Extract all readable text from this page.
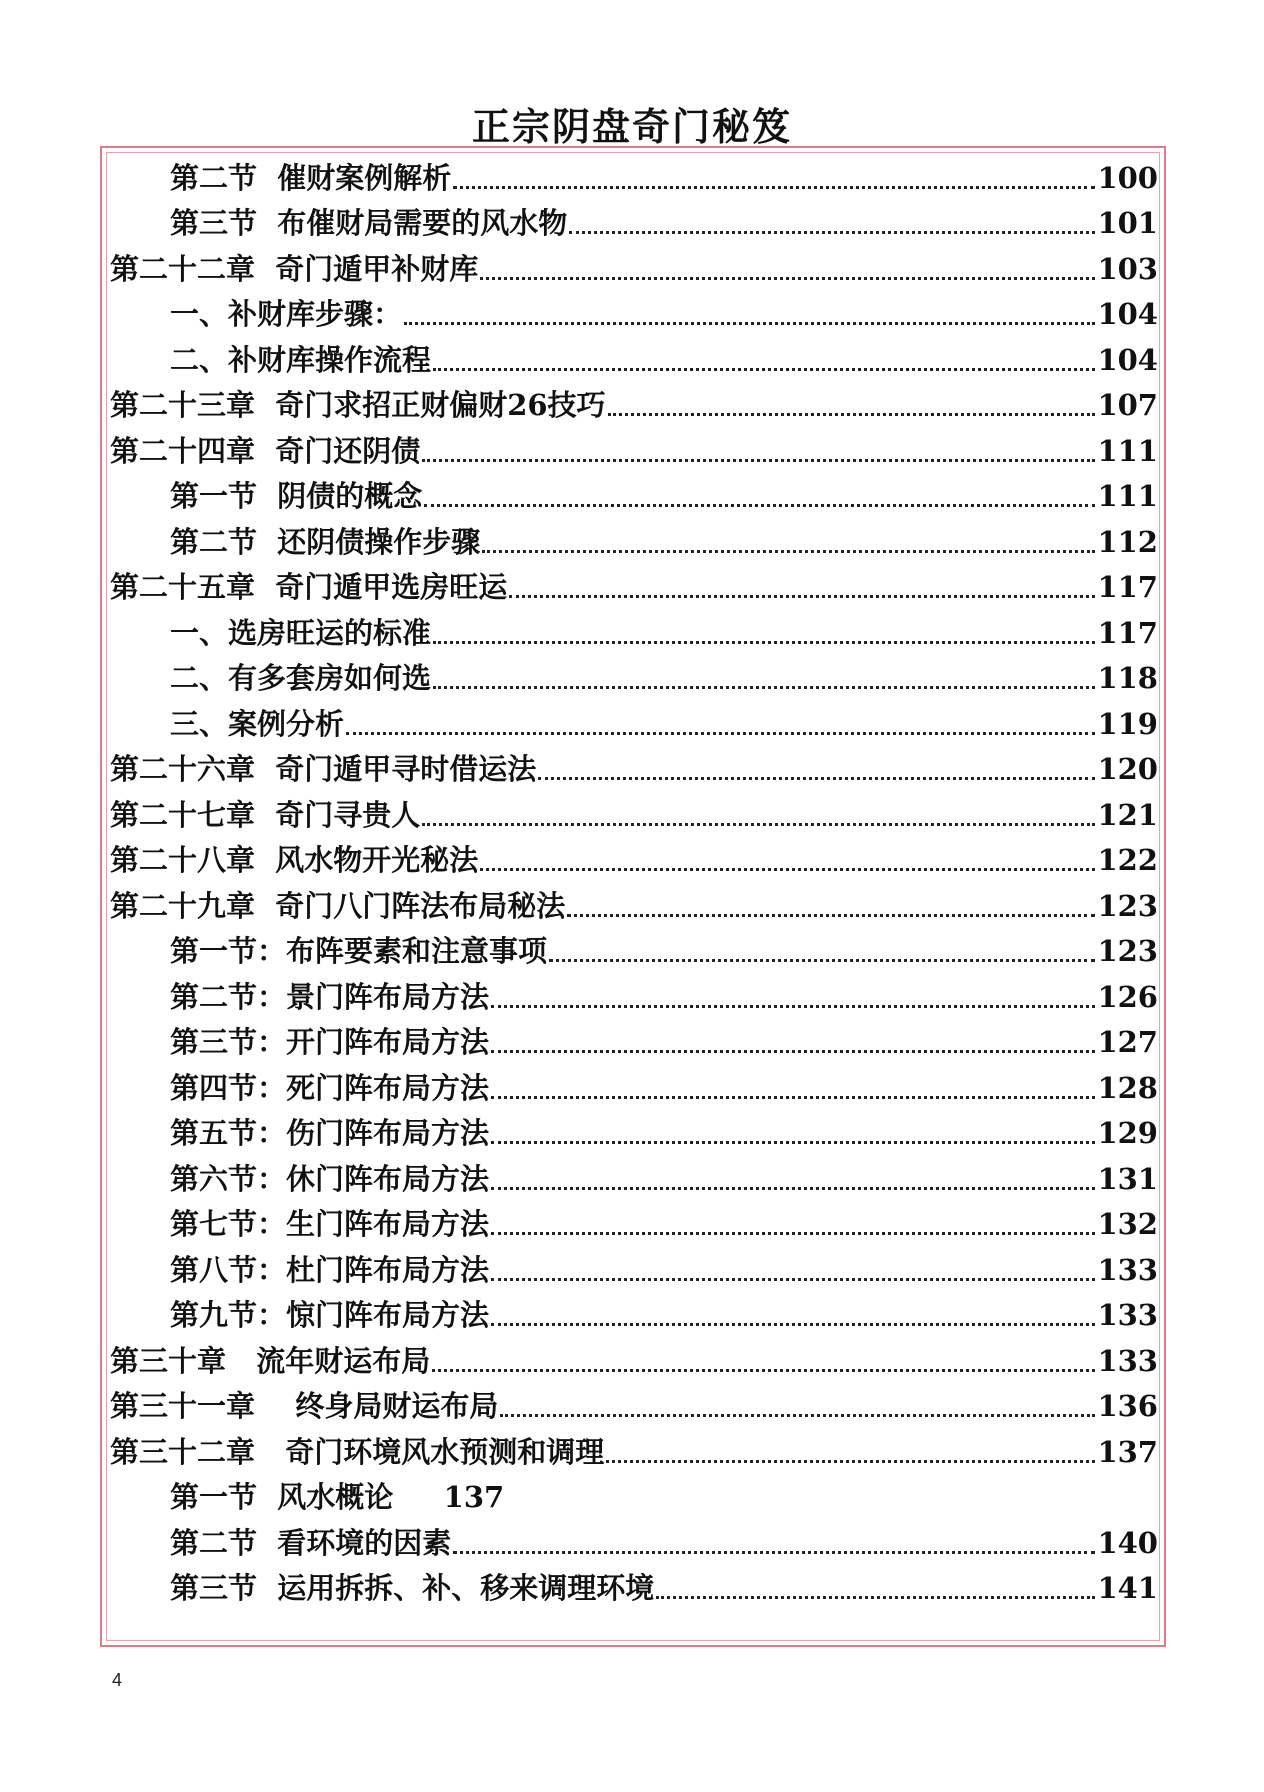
正宗阴盘奇门秘笈
第二节  催财案例解析	100
第三节  布催财局需要的风水物	101
第二十二章  奇门遁甲补财库	103
一、补财库步骤：	104
二、补财库操作流程	104
第二十三章  奇门求招正财偏财26技巧	107
第二十四章  奇门还阴债	111
第一节  阴债的概念	111
第二节  还阴债操作步骤	112
第二十五章  奇门遁甲选房旺运	117
一、选房旺运的标准	117
二、有多套房如何选	118
三、案例分析	119
第二十六章  奇门遁甲寻时借运法	120
第二十七章  奇门寻贵人	121
第二十八章  风水物开光秘法	122
第二十九章  奇门八门阵法布局秘法	123
第一节：布阵要素和注意事项	123
第二节：景门阵布局方法	126
第三节：开门阵布局方法	127
第四节：死门阵布局方法	128
第五节：伤门阵布局方法	129
第六节：休门阵布局方法	131
第七节：生门阵布局方法	132
第八节：杜门阵布局方法	133
第九节：惊门阵布局方法	133
第三十章   流年财运布局	133
第三十一章    终身局财运布局	136
第三十二章   奇门环境风水预测和调理	137
第一节  风水概论     137
第二节  看环境的因素	140
第三节  运用拆拆、补、移来调理环境	141
4
